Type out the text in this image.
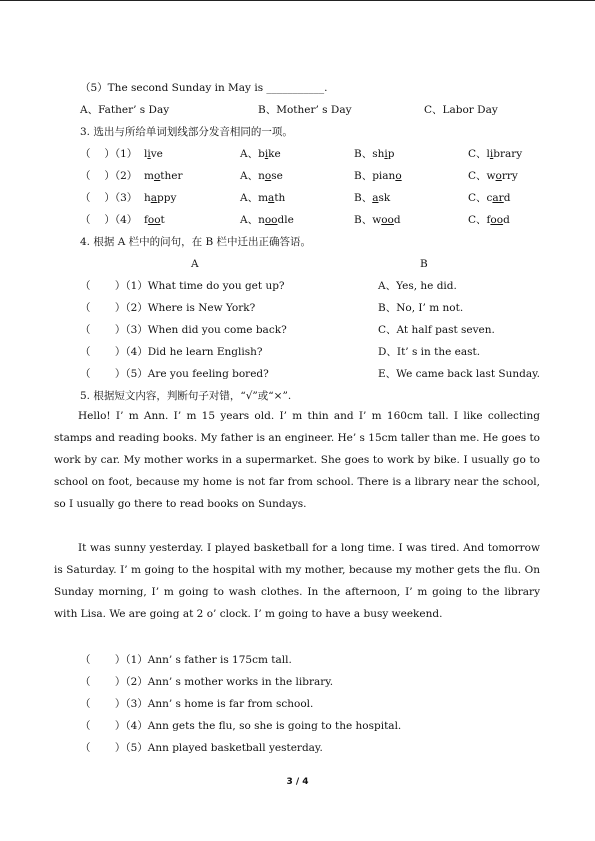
（5）The second Sunday in May is ___________.
A、Father’ s Day	B、Mother’ s Day	C、Labor Day
3. 选出与所给单词划线部分发音相同的一项。
（　 ）（1） live	A、bike	B、ship	C、library
（　 ）（2） mother	A、nose	B、piano	C、worry
（　 ）（3） happy	A、math	B、ask	C、card
（　 ）（4） foot	A、noodle	B、wood	C、food
4. 根据 A 栏中的问句，在 B 栏中迁出正确答语。
A	B
（　　 ）（1）What time do you get up?	A、Yes, he did.
（　　 ）（2）Where is New York?	B、No, I’ m not.
（　　 ）（3）When did you come back?	C、At half past seven.
（　　 ）（4）Did he learn English?	D、It’ s in the east.
（　　 ）（5）Are you feeling bored?	E、We came back last Sunday.
5. 根据短文内容，判断句子对错，“√”或“×”.
Hello! I’ m Ann. I’ m 15 years old. I’ m thin and I’ m 160cm tall. I like collecting stamps and reading books. My father is an engineer. He’ s 15cm taller than me. He goes to work by car. My mother works in a supermarket. She goes to work by bike. I usually go to school on foot, because my home is not far from school. There is a library near the school, so I usually go there to read books on Sundays.
It was sunny yesterday. I played basketball for a long time. I was tired. And tomorrow is Saturday. I’ m going to the hospital with my mother, because my mother gets the flu. On Sunday morning, I’ m going to wash clothes. In the afternoon, I’ m going to the library with Lisa. We are going at 2 o’ clock. I’ m going to have a busy weekend.
（　　 ）（1）Ann’ s father is 175cm tall.
（　　 ）（2）Ann’ s mother works in the library.
（　　 ）（3）Ann’ s home is far from school.
（　　 ）（4）Ann gets the flu, so she is going to the hospital.
（　　 ）（5）Ann played basketball yesterday.
3 / 4
